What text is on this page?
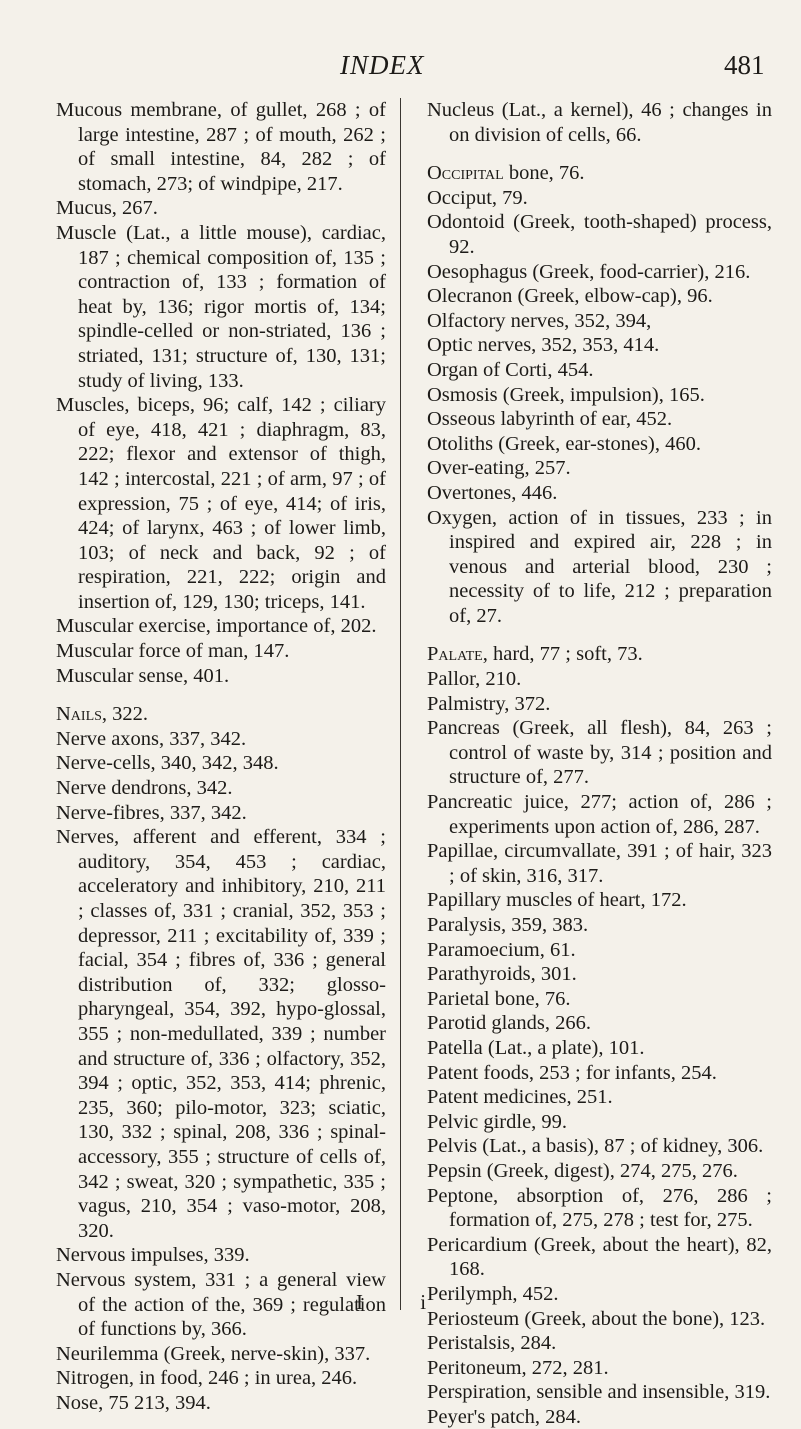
INDEX	481

Mucous membrane, of gullet, 268 ; of large intestine, 287 ; of mouth, 262 ; of small intestine, 84, 282 ; of stomach, 273; of windpipe, 217.

Mucus, 267.

Muscle (Lat., a little mouse), cardiac, 187 ; chemical composition of, 135 ; contraction of, 133 ; formation of heat by, 136; rigor mortis of, 134; spindle-celled or non-striated, 136 ; striated, 131; structure of, 130, 131; study of living, 133.

Muscles, biceps, 96; calf, 142 ; ciliary of eye, 418, 421 ; diaphragm, 83, 222; flexor and extensor of thigh, 142 ; intercostal, 221 ; of arm, 97 ; of expression, 75 ; of eye, 414; of iris, 424; of larynx, 463 ; of lower limb, 103; of neck and back, 92 ; of respiration, 221, 222; origin and insertion of, 129, 130; triceps, 141.

Muscular exercise, importance of, 202.

Muscular force of man, 147.

Muscular sense, 401.

Nails, 322.

Nerve axons, 337, 342.

Nerve-cells, 340, 342, 348.

Nerve dendrons, 342.

Nerve-fibres, 337, 342.

Nerves, afferent and efferent, 334 ; auditory, 354, 453 ; cardiac, acceleratory and inhibitory, 210, 211 ; classes of, 331 ; cranial, 352, 353 ; depressor, 211 ; excitability of, 339 ; facial, 354 ; fibres of, 336 ; general distribution of, 332; glosso-pharyngeal, 354, 392, hypo-glossal, 355 ; non-medullated, 339 ; number and structure of, 336 ; olfactory, 352, 394 ; optic, 352, 353, 414; phrenic, 235, 360; pilo-motor, 323; sciatic, 130, 332 ; spinal, 208, 336 ; spinal-accessory, 355 ; structure of cells of, 342 ; sweat, 320 ; sympathetic, 335 ; vagus, 210, 354 ; vaso-motor, 208, 320.

Nervous impulses, 339.

Nervous system, 331 ; a general view of the action of the, 369 ; regulation of functions by, 366.

Neurilemma (Greek, nerve-skin), 337.

Nitrogen, in food, 246 ; in urea, 246.

Nose, 75 213, 394.

Nucleus (Lat., a kernel), 46 ; changes in on division of cells, 66.

Occipital bone, 76.

Occiput, 79.

Odontoid (Greek, tooth-shaped) process, 92.

Oesophagus (Greek, food-carrier), 216.

Olecranon (Greek, elbow-cap), 96.

Olfactory nerves, 352, 394,

Optic nerves, 352, 353, 414.

Organ of Corti, 454.

Osmosis (Greek, impulsion), 165.

Osseous labyrinth of ear, 452.

Otoliths (Greek, ear-stones), 460.

Over-eating, 257.

Overtones, 446.

Oxygen, action of in tissues, 233 ; in inspired and expired air, 228 ; in venous and arterial blood, 230 ; necessity of to life, 212 ; preparation of, 27.

Palate, hard, 77 ; soft, 73.

Pallor, 210.

Palmistry, 372.

Pancreas (Greek, all flesh), 84, 263 ; control of waste by, 314 ; position and structure of, 277.

Pancreatic juice, 277; action of, 286 ; experiments upon action of, 286, 287.

Papillae, circumvallate, 391 ; of hair, 323 ; of skin, 316, 317.

Papillary muscles of heart, 172.

Paralysis, 359, 383.

Paramoecium, 61.

Parathyroids, 301.

Parietal bone, 76.

Parotid glands, 266.

Patella (Lat., a plate), 101.

Patent foods, 253 ; for infants, 254.

Patent medicines, 251.

Pelvic girdle, 99.

Pelvis (Lat., a basis), 87 ; of kidney, 306.

Pepsin (Greek, digest), 274, 275, 276.

Peptone, absorption of, 276, 286 ; formation of, 275, 278 ; test for, 275.

Pericardium (Greek, about the heart), 82, 168.

Perilymph, 452.

Periosteum (Greek, about the bone), 123.

Peristalsis, 284.

Peritoneum, 272, 281.

Perspiration, sensible and insensible, 319.

Peyer's patch, 284.

I i
